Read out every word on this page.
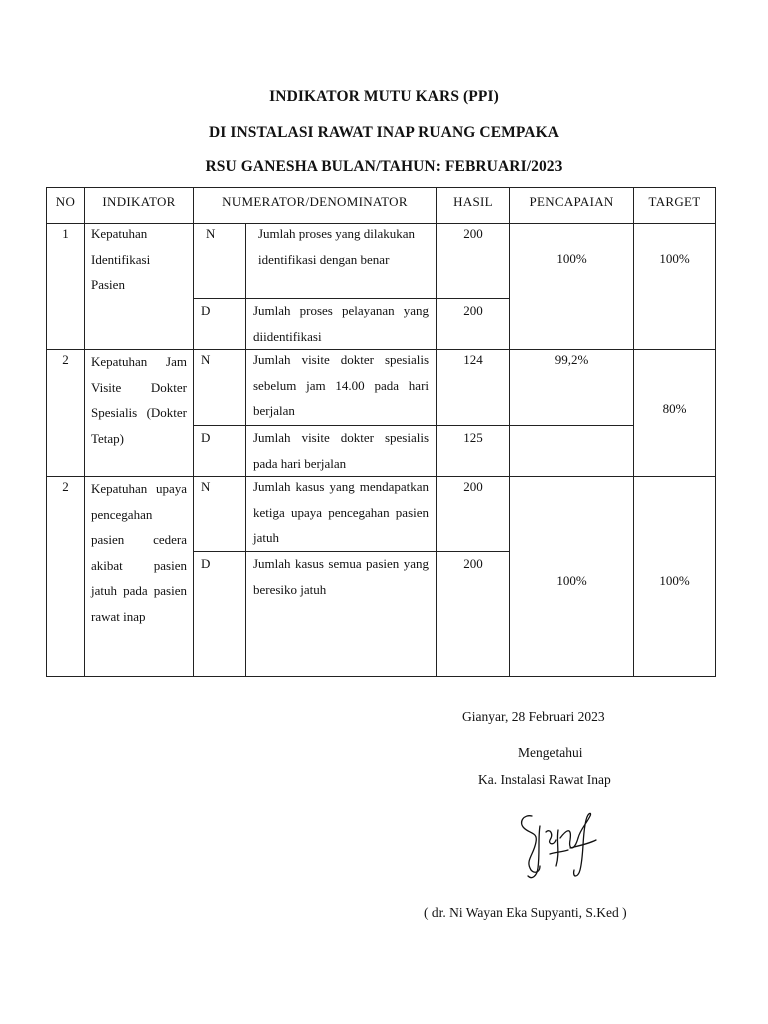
INDIKATOR MUTU KARS (PPI)
DI INSTALASI RAWAT INAP RUANG CEMPAKA
RSU GANESHA BULAN/TAHUN: FEBRUARI/2023
NO	INDIKATOR	NUMERATOR/DENOMINATOR		HASIL	PENCAPAIAN	TARGET

1	Kepatuhan Identifikasi Pasien	N	Jumlah proses yang dilakukan identifikasi dengan benar	200	100%	100%

		D	Jumlah proses pelayanan yang diidentifikasi	200		

2	Kepatuhan Jam Visite Dokter Spesialis (Dokter Tetap)	N	Jumlah visite dokter spesialis sebelum jam 14.00 pada hari berjalan	124	99,2%	80%

		D	Jumlah visite dokter spesialis pada hari berjalan	125		

2	Kepatuhan upaya pencegahan pasien cedera akibat pasien jatuh pada pasien rawat inap	N	Jumlah kasus yang mendapatkan ketiga upaya pencegahan pasien jatuh	200	100%	100%

		D	Jumlah kasus semua pasien yang beresiko jatuh	200		
Gianyar, 28 Februari 2023
Mengetahui
Ka. Instalasi Rawat Inap
( dr. Ni Wayan Eka Supyanti, S.Ked )
